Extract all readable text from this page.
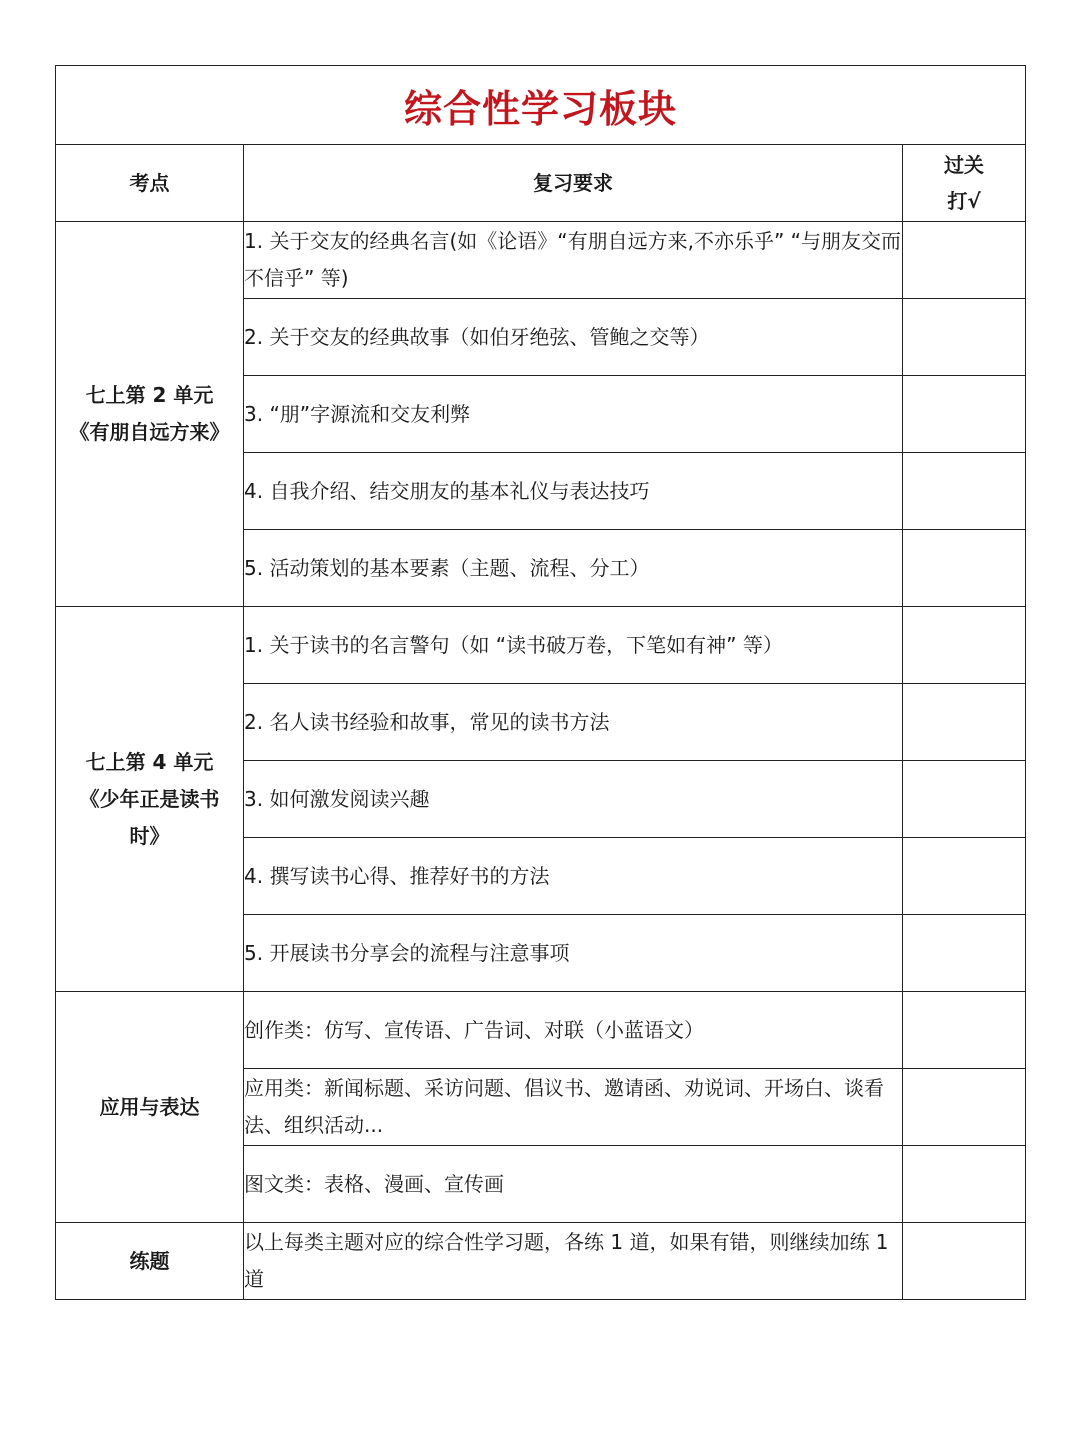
综合性学习板块		
考点	复习要求	过关
打√
七上第 2 单元
《有朋自远方来》	1. 关于交友的经典名言(如《论语》“有朋自远方来,不亦乐乎” “与朋友交而不信乎” 等)	
	2. 关于交友的经典故事（如伯牙绝弦、管鲍之交等）	
	3. “朋”字源流和交友利弊	
	4. 自我介绍、结交朋友的基本礼仪与表达技巧	
	5. 活动策划的基本要素（主题、流程、分工）	
七上第 4 单元
《少年正是读书
时》	1. 关于读书的名言警句（如 “读书破万卷，下笔如有神” 等）	
	2. 名人读书经验和故事，常见的读书方法	
	3. 如何激发阅读兴趣	
	4. 撰写读书心得、推荐好书的方法	
	5. 开展读书分享会的流程与注意事项	
应用与表达	创作类：仿写、宣传语、广告词、对联（小蓝语文）	
	应用类：新闻标题、采访问题、倡议书、邀请函、劝说词、开场白、谈看法、组织活动...	
	图文类：表格、漫画、宣传画	
练题	以上每类主题对应的综合性学习题，各练 1 道，如果有错，则继续加练 1 道	
